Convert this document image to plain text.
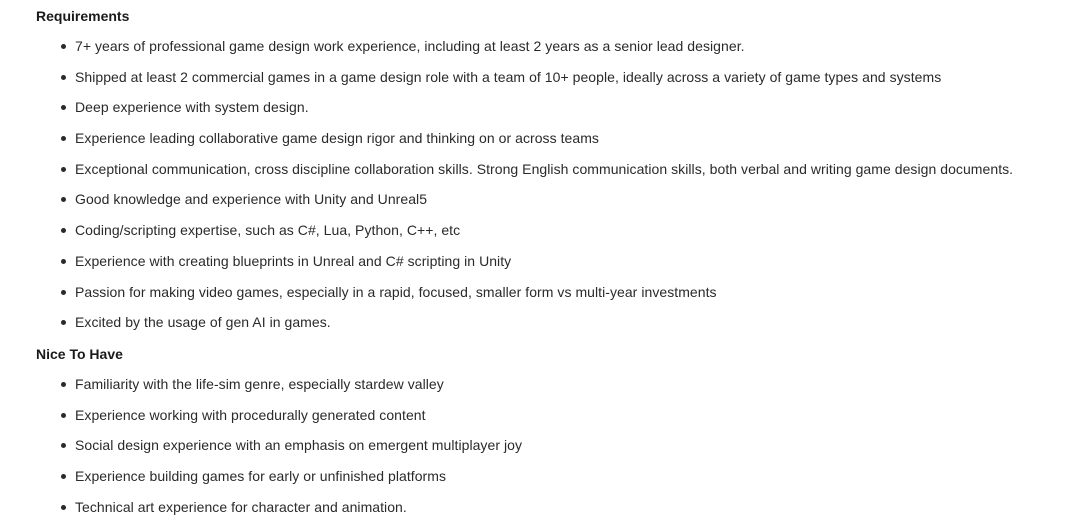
Requirements
7+ years of professional game design work experience, including at least 2 years as a senior lead designer.
Shipped at least 2 commercial games in a game design role with a team of 10+ people, ideally across a variety of game types and systems
Deep experience with system design.
Experience leading collaborative game design rigor and thinking on or across teams
Exceptional communication, cross discipline collaboration skills. Strong English communication skills, both verbal and writing game design documents.
Good knowledge and experience with Unity and Unreal5
Coding/scripting expertise, such as C#, Lua, Python, C++, etc
Experience with creating blueprints in Unreal and C# scripting in Unity
Passion for making video games, especially in a rapid, focused, smaller form vs multi-year investments
Excited by the usage of gen AI in games.
Nice To Have
Familiarity with the life-sim genre, especially stardew valley
Experience working with procedurally generated content
Social design experience with an emphasis on emergent multiplayer joy
Experience building games for early or unfinished platforms
Technical art experience for character and animation.
